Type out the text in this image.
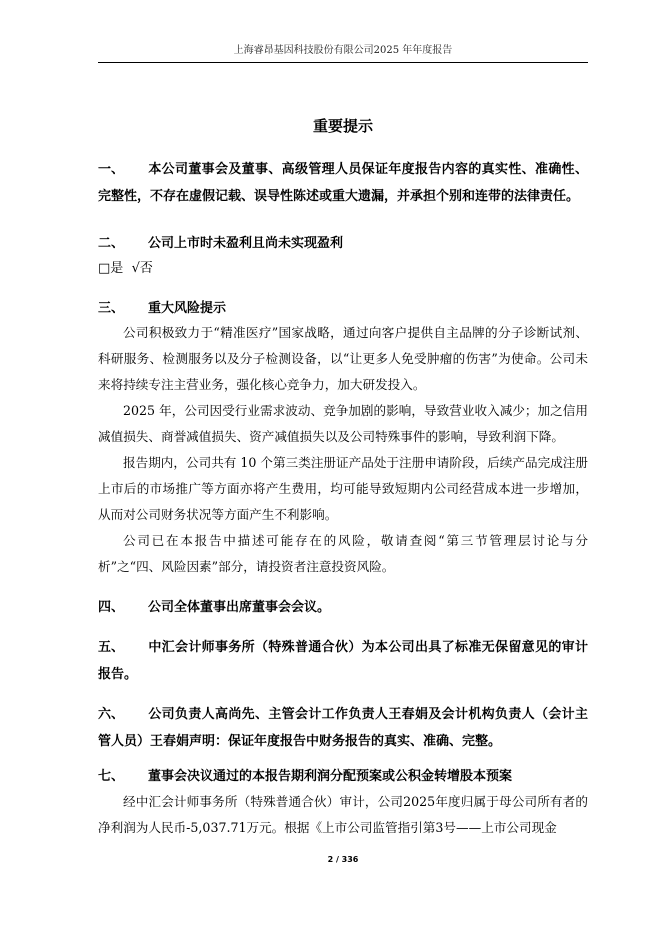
上海睿昂基因科技股份有限公司2025 年年度报告
重要提示
一、 本公司董事会及董事、高级管理人员保证年度报告内容的真实性、准确性、完整性，不存在虚假记载、误导性陈述或重大遗漏，并承担个别和连带的法律责任。
二、 公司上市时未盈利且尚未实现盈利
□是 √否
三、 重大风险提示
公司积极致力于“精准医疗”国家战略，通过向客户提供自主品牌的分子诊断试剂、科研服务、检测服务以及分子检测设备，以“让更多人免受肿瘤的伤害”为使命。公司未来将持续专注主营业务，强化核心竞争力，加大研发投入。
2025 年，公司因受行业需求波动、竞争加剧的影响，导致营业收入减少；加之信用减值损失、商誉减值损失、资产减值损失以及公司特殊事件的影响，导致利润下降。
报告期内，公司共有 10 个第三类注册证产品处于注册申请阶段，后续产品完成注册上市后的市场推广等方面亦将产生费用，均可能导致短期内公司经营成本进一步增加，从而对公司财务状况等方面产生不利影响。
公司已在本报告中描述可能存在的风险，敬请查阅“第三节管理层讨论与分析”之“四、风险因素”部分，请投资者注意投资风险。
四、 公司全体董事出席董事会会议。
五、 中汇会计师事务所（特殊普通合伙）为本公司出具了标准无保留意见的审计报告。
六、 公司负责人高尚先、主管会计工作负责人王春娟及会计机构负责人（会计主管人员）王春娟声明：保证年度报告中财务报告的真实、准确、完整。
七、 董事会决议通过的本报告期利润分配预案或公积金转增股本预案
经中汇会计师事务所（特殊普通合伙）审计，公司2025年度归属于母公司所有者的净利润为人民币-5,037.71万元。根据《上市公司监管指引第3号——上市公司现金
2 / 336
